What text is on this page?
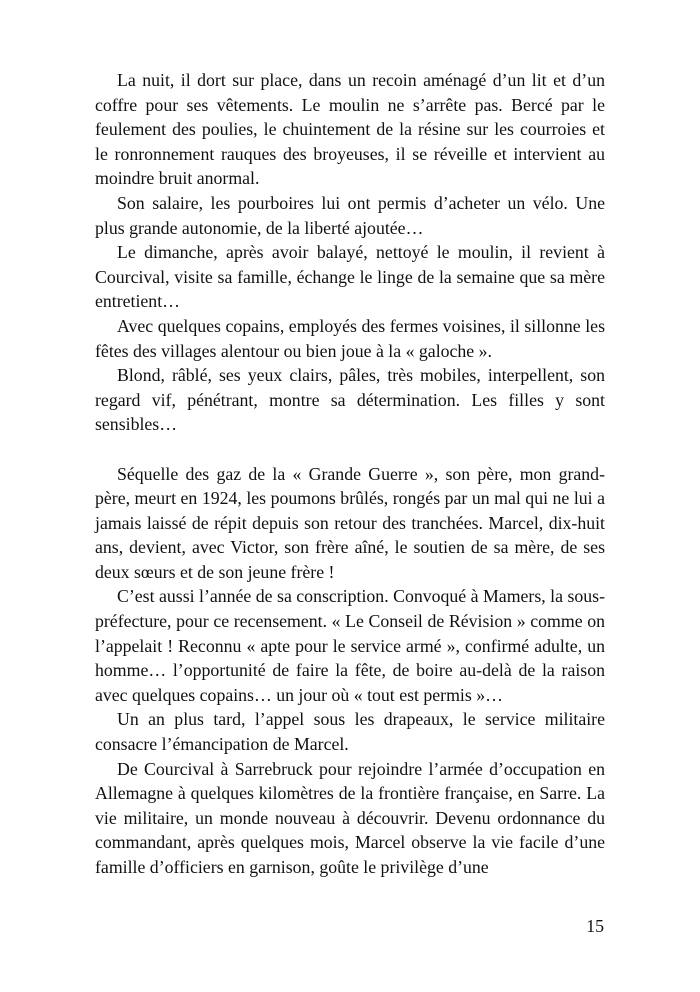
La nuit, il dort sur place, dans un recoin aménagé d’un lit et d’un coffre pour ses vêtements. Le moulin ne s’arrête pas. Bercé par le feulement des poulies, le chuintement de la résine sur les courroies et le ronronnement rauques des broyeuses, il se réveille et intervient au moindre bruit anormal.

Son salaire, les pourboires lui ont permis d’acheter un vélo. Une plus grande autonomie, de la liberté ajoutée…

Le dimanche, après avoir balayé, nettoyé le moulin, il revient à Courcival, visite sa famille, échange le linge de la semaine que sa mère entretient…

Avec quelques copains, employés des fermes voisines, il sillonne les fêtes des villages alentour ou bien joue à la « galoche ».

Blond, râblé, ses yeux clairs, pâles, très mobiles, interpellent, son regard vif, pénétrant, montre sa détermination. Les filles y sont sensibles…

Séquelle des gaz de la « Grande Guerre », son père, mon grand-père, meurt en 1924, les poumons brûlés, rongés par un mal qui ne lui a jamais laissé de répit depuis son retour des tranchées. Marcel, dix-huit ans, devient, avec Victor, son frère aîné, le soutien de sa mère, de ses deux sœurs et de son jeune frère !

C’est aussi l’année de sa conscription. Convoqué à Mamers, la sous-préfecture, pour ce recensement. « Le Conseil de Révision » comme on l’appelait ! Reconnu « apte pour le service armé », confirmé adulte, un homme… l’opportunité de faire la fête, de boire au-delà de la raison avec quelques copains… un jour où « tout est permis »…

Un an plus tard, l’appel sous les drapeaux, le service militaire consacre l’émancipation de Marcel.

De Courcival à Sarrebruck pour rejoindre l’armée d’occupation en Allemagne à quelques kilomètres de la frontière française, en Sarre. La vie militaire, un monde nouveau à découvrir. Devenu ordonnance du commandant, après quelques mois, Marcel observe la vie facile d’une famille d’officiers en garnison, goûte le privilège d’une

15
